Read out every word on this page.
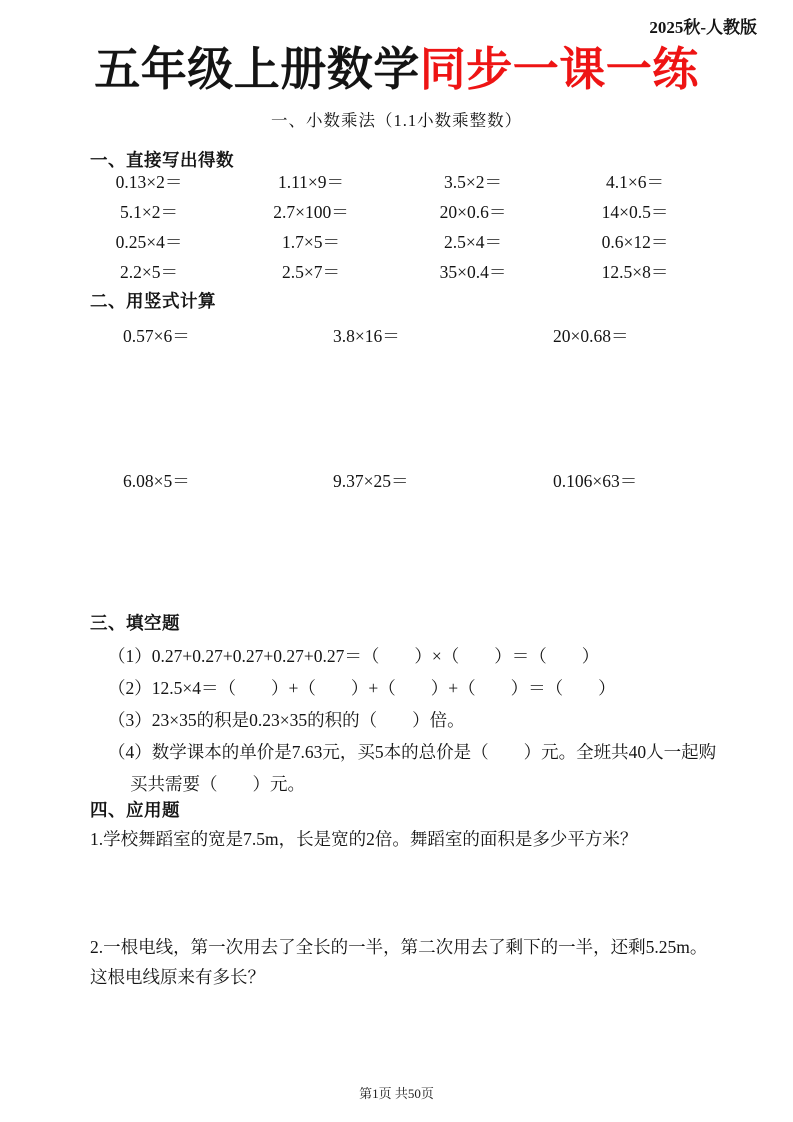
2025秋-人教版
五年级上册数学同步一课一练
一、小数乘法（1.1小数乘整数）
一、直接写出得数
0.13×2＝	1.11×9＝	3.5×2＝	4.1×6＝
5.1×2＝	2.7×100＝	20×0.6＝	14×0.5＝
0.25×4＝	1.7×5＝	2.5×4＝	0.6×12＝
2.2×5＝	2.5×7＝	35×0.4＝	12.5×8＝
二、用竖式计算
0.57×6＝	3.8×16＝	20×0.68＝
6.08×5＝	9.37×25＝	0.106×63＝
三、填空题
（1）0.27+0.27+0.27+0.27+0.27＝（　　）×（　　）＝（　　）
（2）12.5×4＝（　　）+（　　）+（　　）+（　　）＝（　　）
（3）23×35的积是0.23×35的积的（　　）倍。
（4）数学课本的单价是7.63元，买5本的总价是（　　）元。全班共40人一起购
买共需要（　　）元。
四、应用题
1.学校舞蹈室的宽是7.5m，长是宽的2倍。舞蹈室的面积是多少平方米？
2.一根电线，第一次用去了全长的一半，第二次用去了剩下的一半，还剩5.25m。
这根电线原来有多长？
第1页 共50页
